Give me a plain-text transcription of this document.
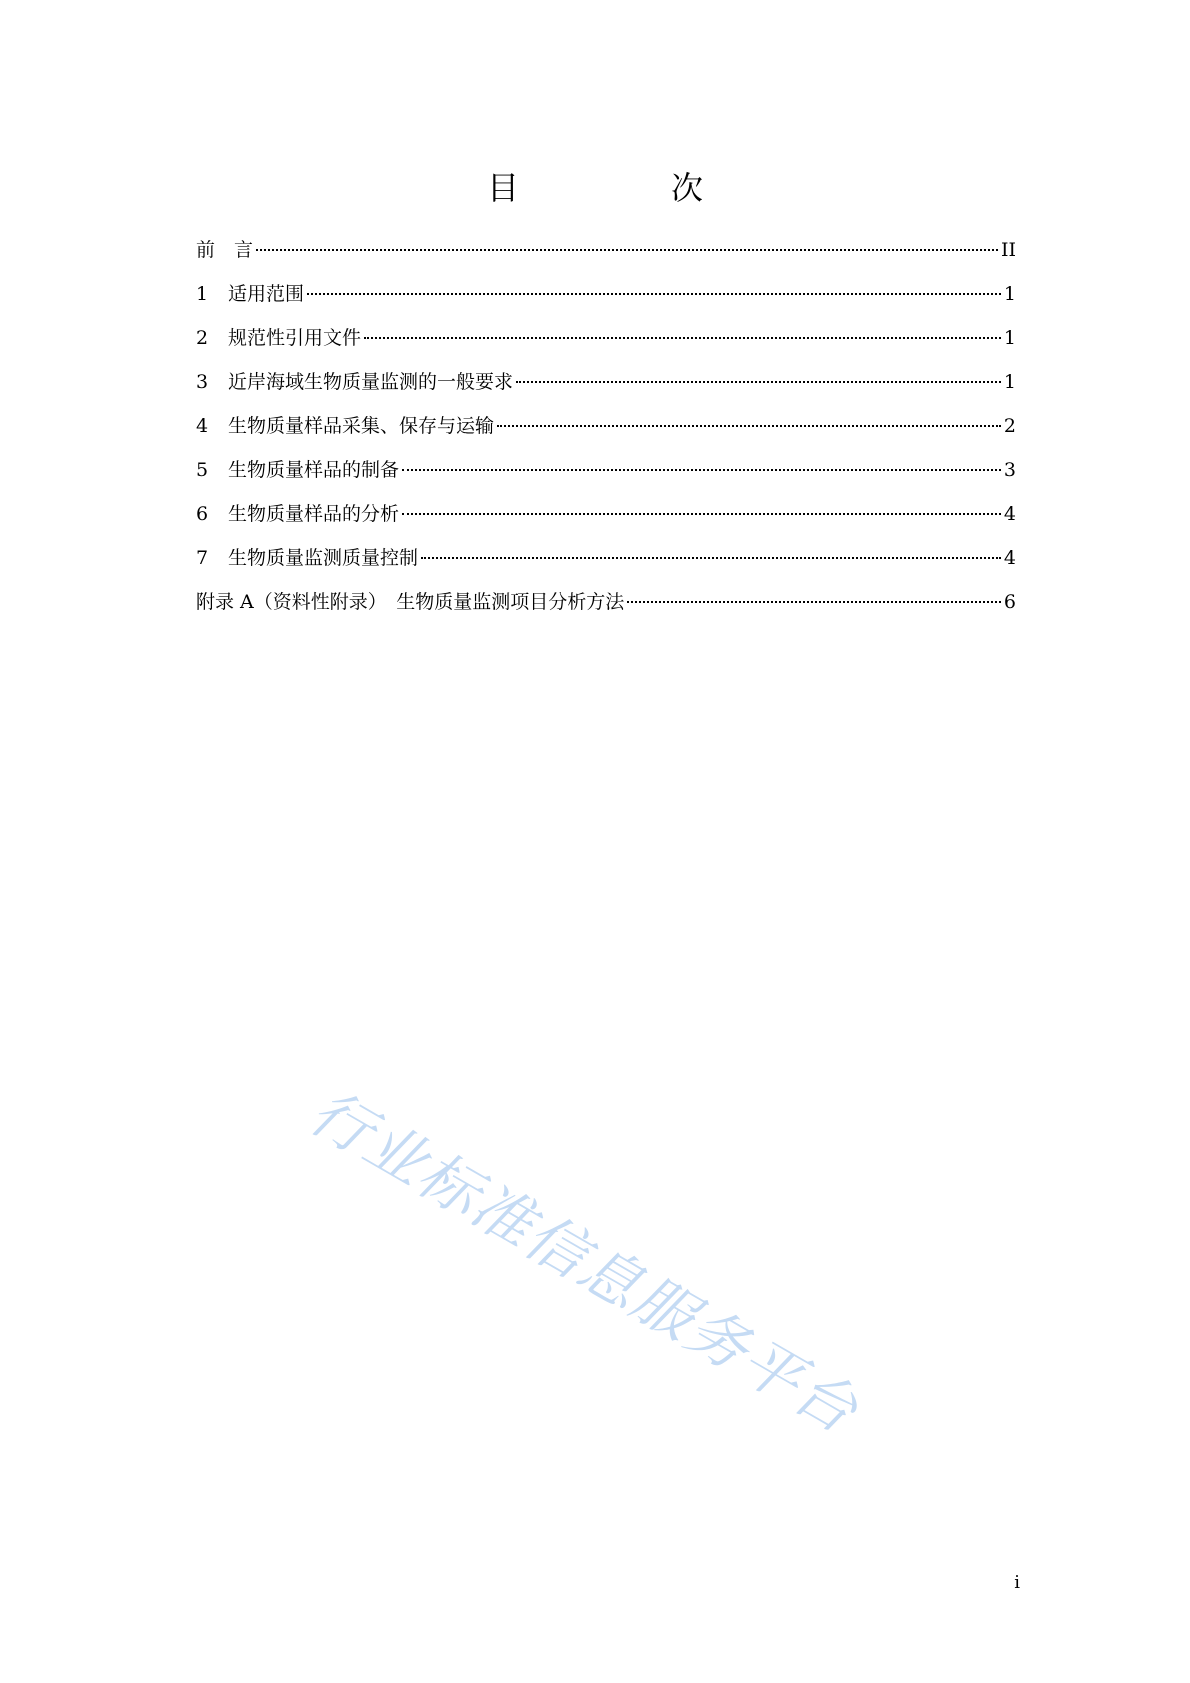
目　次
前　言	II
1	适用范围	1
2	规范性引用文件	1
3	近岸海域生物质量监测的一般要求	1
4	生物质量样品采集、保存与运输	2
5	生物质量样品的制备	3
6	生物质量样品的分析	4
7	生物质量监测质量控制	4
附录 A（资料性附录）　生物质量监测项目分析方法	6
行业标准信息服务平台
i
